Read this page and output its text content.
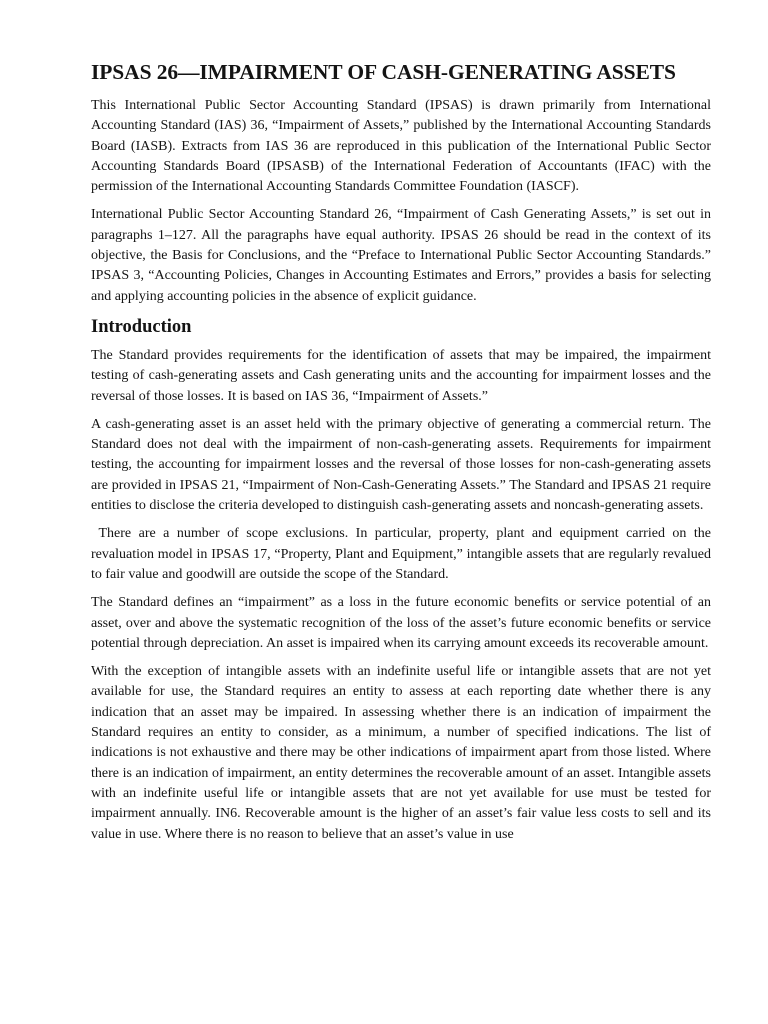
IPSAS 26—IMPAIRMENT OF CASH-GENERATING ASSETS

This International Public Sector Accounting Standard (IPSAS) is drawn primarily from International Accounting Standard (IAS) 36, “Impairment of Assets,” published by the International Accounting Standards Board (IASB). Extracts from IAS 36 are reproduced in this publication of the International Public Sector Accounting Standards Board (IPSASB) of the International Federation of Accountants (IFAC) with the permission of the International Accounting Standards Committee Foundation (IASCF).

International Public Sector Accounting Standard 26, “Impairment of Cash Generating Assets,” is set out in paragraphs 1–127. All the paragraphs have equal authority. IPSAS 26 should be read in the context of its objective, the Basis for Conclusions, and the “Preface to International Public Sector Accounting Standards.” IPSAS 3, “Accounting Policies, Changes in Accounting Estimates and Errors,” provides a basis for selecting and applying accounting policies in the absence of explicit guidance.

Introduction

The Standard provides requirements for the identification of assets that may be impaired, the impairment testing of cash-generating assets and Cash generating units and the accounting for impairment losses and the reversal of those losses. It is based on IAS 36, “Impairment of Assets.”

A cash-generating asset is an asset held with the primary objective of generating a commercial return. The Standard does not deal with the impairment of non-cash-generating assets. Requirements for impairment testing, the accounting for impairment losses and the reversal of those losses for non-cash-generating assets are provided in IPSAS 21, “Impairment of Non-Cash-Generating Assets.” The Standard and IPSAS 21 require entities to disclose the criteria developed to distinguish cash-generating assets and noncash-generating assets.

There are a number of scope exclusions. In particular, property, plant and equipment carried on the revaluation model in IPSAS 17, “Property, Plant and Equipment,” intangible assets that are regularly revalued to fair value and goodwill are outside the scope of the Standard.

The Standard defines an “impairment” as a loss in the future economic benefits or service potential of an asset, over and above the systematic recognition of the loss of the asset’s future economic benefits or service potential through depreciation. An asset is impaired when its carrying amount exceeds its recoverable amount.

With the exception of intangible assets with an indefinite useful life or intangible assets that are not yet available for use, the Standard requires an entity to assess at each reporting date whether there is any indication that an asset may be impaired. In assessing whether there is an indication of impairment the Standard requires an entity to consider, as a minimum, a number of specified indications. The list of indications is not exhaustive and there may be other indications of impairment apart from those listed. Where there is an indication of impairment, an entity determines the recoverable amount of an asset. Intangible assets with an indefinite useful life or intangible assets that are not yet available for use must be tested for impairment annually. IN6. Recoverable amount is the higher of an asset’s fair value less costs to sell and its value in use. Where there is no reason to believe that an asset’s value in use
